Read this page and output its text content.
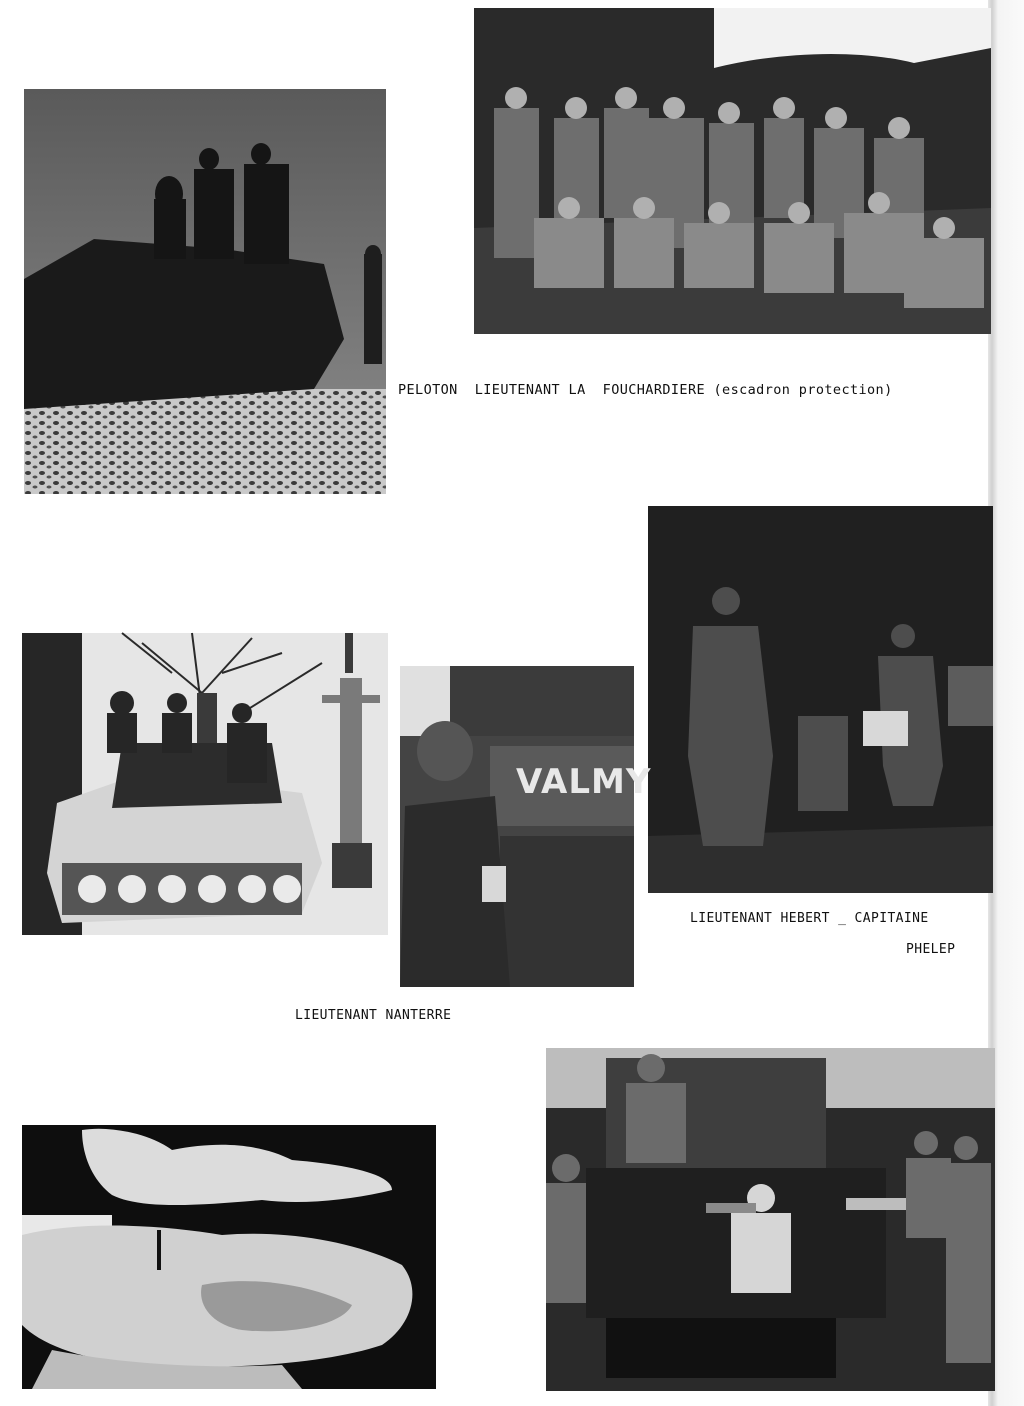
PELOTON  LIEUTENANT LA  FOUCHARDIERE (escadron protection)
LIEUTENANT HEBERT _ CAPITAINE
PHELEP
VALMY
LIEUTENANT NANTERRE
